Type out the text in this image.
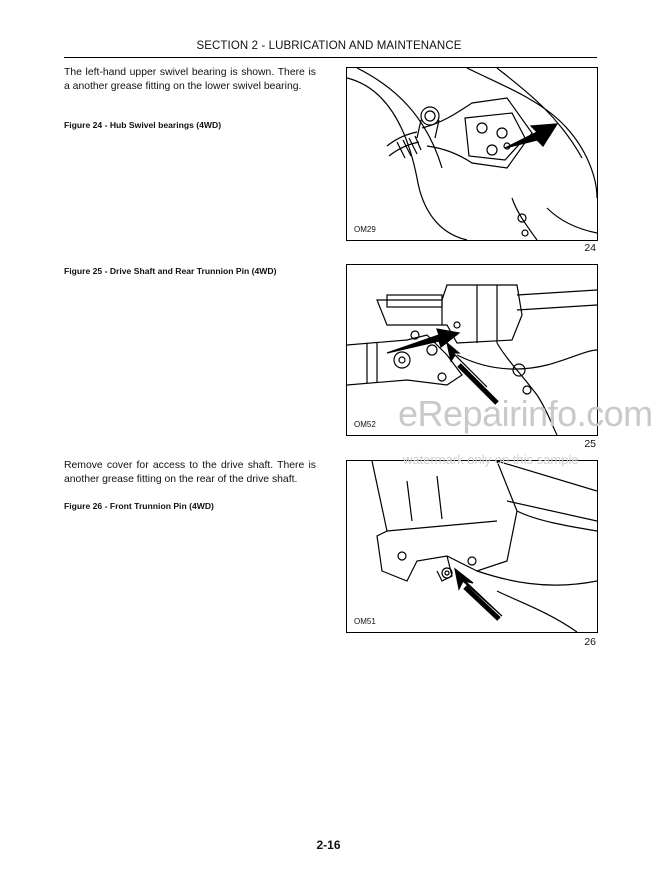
SECTION 2 - LUBRICATION AND MAINTENANCE
The left-hand upper swivel bearing is shown. There is a another grease fitting on the lower swivel bearing.
Figure 24 - Hub Swivel bearings (4WD)
OM29
24
Figure 25 - Drive Shaft and Rear Trunnion Pin (4WD)
OM52
25
Remove cover for access to the drive shaft. There is another grease fitting on the rear of the drive shaft.
Figure 26 - Front Trunnion Pin (4WD)
OM51
26
eRepairinfo.com
watermark only on this sample
2-16
